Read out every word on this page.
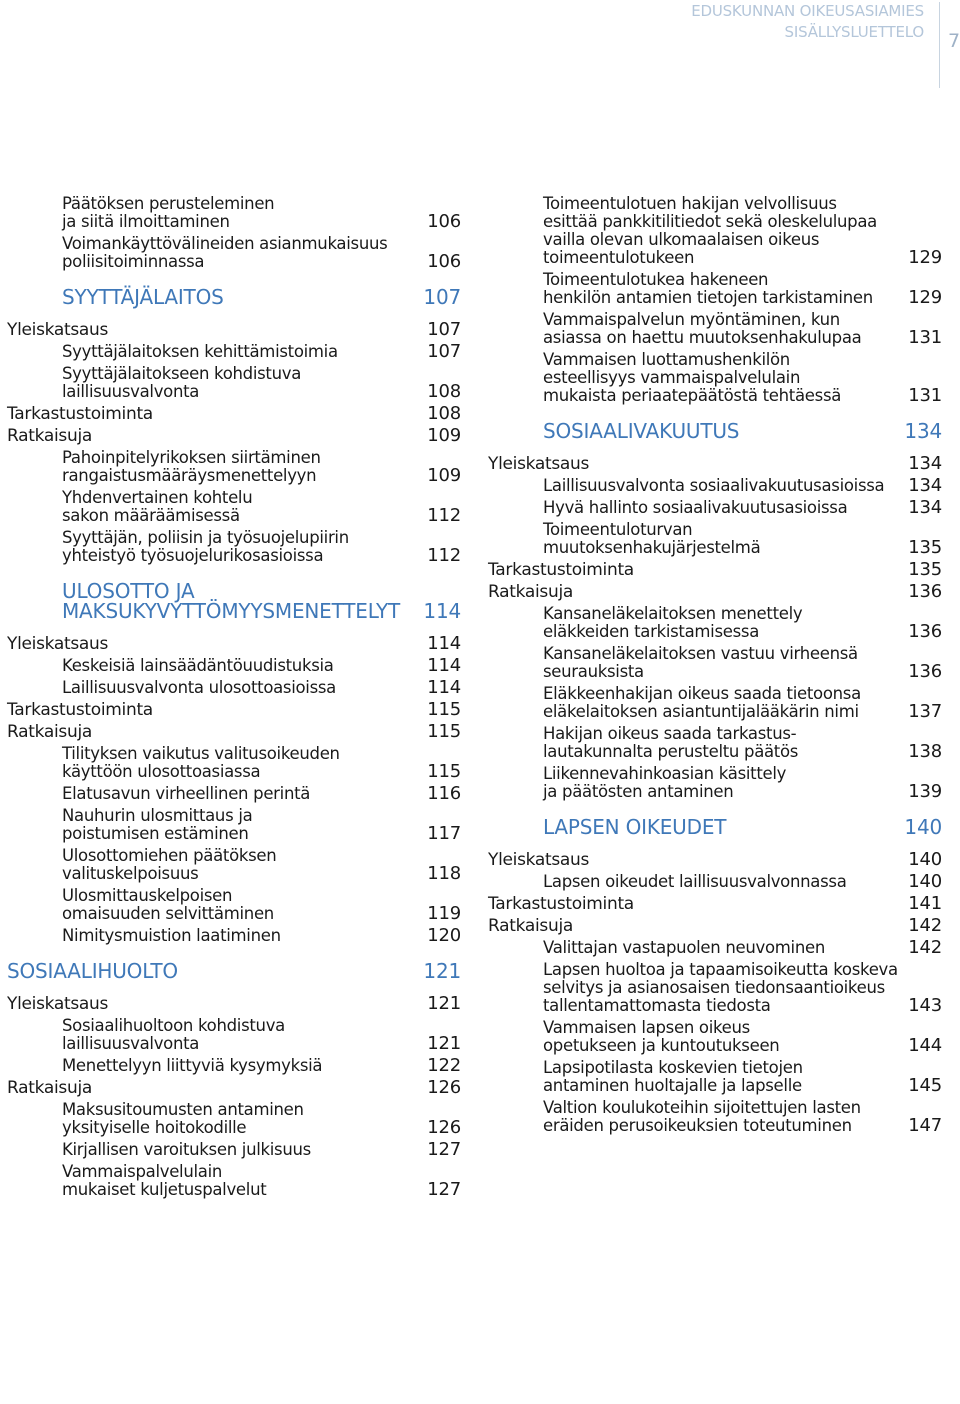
EDUSKUNNAN OIKEUSASIAMIES
SISÄLLYSLUETTELO 7
Päätöksen perusteleminen
ja siitä ilmoittaminen	106
Voimankäyttövälineiden asianmukaisuus
poliisitoiminnassa	106
SYYTTÄJÄLAITOS	107
Yleiskatsaus	107
Syyttäjälaitoksen kehittämistoimia	107
Syyttäjälaitokseen kohdistuva
laillisuusvalvonta	108
Tarkastustoiminta	108
Ratkaisuja	109
Pahoinpitelyrikoksen siirtäminen
rangaistusmääräysmenettelyyn	109
Yhdenvertainen kohtelu
sakon määräämisessä	112
Syyttäjän, poliisin ja työsuojelupiirin
yhteistyö työsuojelurikosasioissa	112
ULOSOTTO JA
MAKSUKYVYTTÖMYYSMENETTELYT	114
Yleiskatsaus	114
Keskeisiä lainsäädäntöuudistuksia	114
Laillisuusvalvonta ulosottoasioissa	114
Tarkastustoiminta	115
Ratkaisuja	115
Tilityksen vaikutus valitusoikeuden
käyttöön ulosottoasiassa	115
Elatusavun virheellinen perintä	116
Nauhurin ulosmittaus ja
poistumisen estäminen	117
Ulosottomiehen päätöksen
valituskelpoisuus	118
Ulosmittauskelpoisen
omaisuuden selvittäminen	119
Nimitysmuistion laatiminen	120
SOSIAALIHUOLTO	121
Yleiskatsaus	121
Sosiaalihuoltoon kohdistuva
laillisuusvalvonta	121
Menettelyyn liittyviä kysymyksiä	122
Ratkaisuja	126
Maksusitoumusten antaminen
yksityiselle hoitokodille	126
Kirjallisen varoituksen julkisuus	127
Vammaispalvelulain
mukaiset kuljetuspalvelut	127
Toimeentulotuen hakijan velvollisuus
esittää pankkitilitiedot sekä oleskelulupaa
vailla olevan ulkomaalaisen oikeus
toimeentulotukeen	129
Toimeentulotukea hakeneen
henkilön antamien tietojen tarkistaminen	129
Vammaispalvelun myöntäminen, kun
asiassa on haettu muutoksenhakulupaa	131
Vammaisen luottamushenkilön
esteellisyys vammaispalvelulain
mukaista periaatepäätöstä tehtäessä	131
SOSIAALIVAKUUTUS	134
Yleiskatsaus	134
Laillisuusvalvonta sosiaalivakuutusasioissa	134
Hyvä hallinto sosiaalivakuutusasioissa	134
Toimeentuloturvan
muutoksenhakujärjestelmä	135
Tarkastustoiminta	135
Ratkaisuja	136
Kansaneläkelaitoksen menettely
eläkkeiden tarkistamisessa	136
Kansaneläkelaitoksen vastuu virheensä
seurauksista	136
Eläkkeenhakijan oikeus saada tietoonsa
eläkelaitoksen asiantuntijalääkärin nimi	137
Hakijan oikeus saada tarkastus-
lautakunnalta perusteltu päätös	138
Liikennevahinkoasian käsittely
ja päätösten antaminen	139
LAPSEN OIKEUDET	140
Yleiskatsaus	140
Lapsen oikeudet laillisuusvalvonnassa	140
Tarkastustoiminta	141
Ratkaisuja	142
Valittajan vastapuolen neuvominen	142
Lapsen huoltoa ja tapaamisoikeutta koskeva
selvitys ja asianosaisen tiedonsaantioikeus
tallentamattomasta tiedosta	143
Vammaisen lapsen oikeus
opetukseen ja kuntoutukseen	144
Lapsipotilasta koskevien tietojen
antaminen huoltajalle ja lapselle	145
Valtion koulukoteihin sijoitettujen lasten
eräiden perusoikeuksien toteutuminen	147
